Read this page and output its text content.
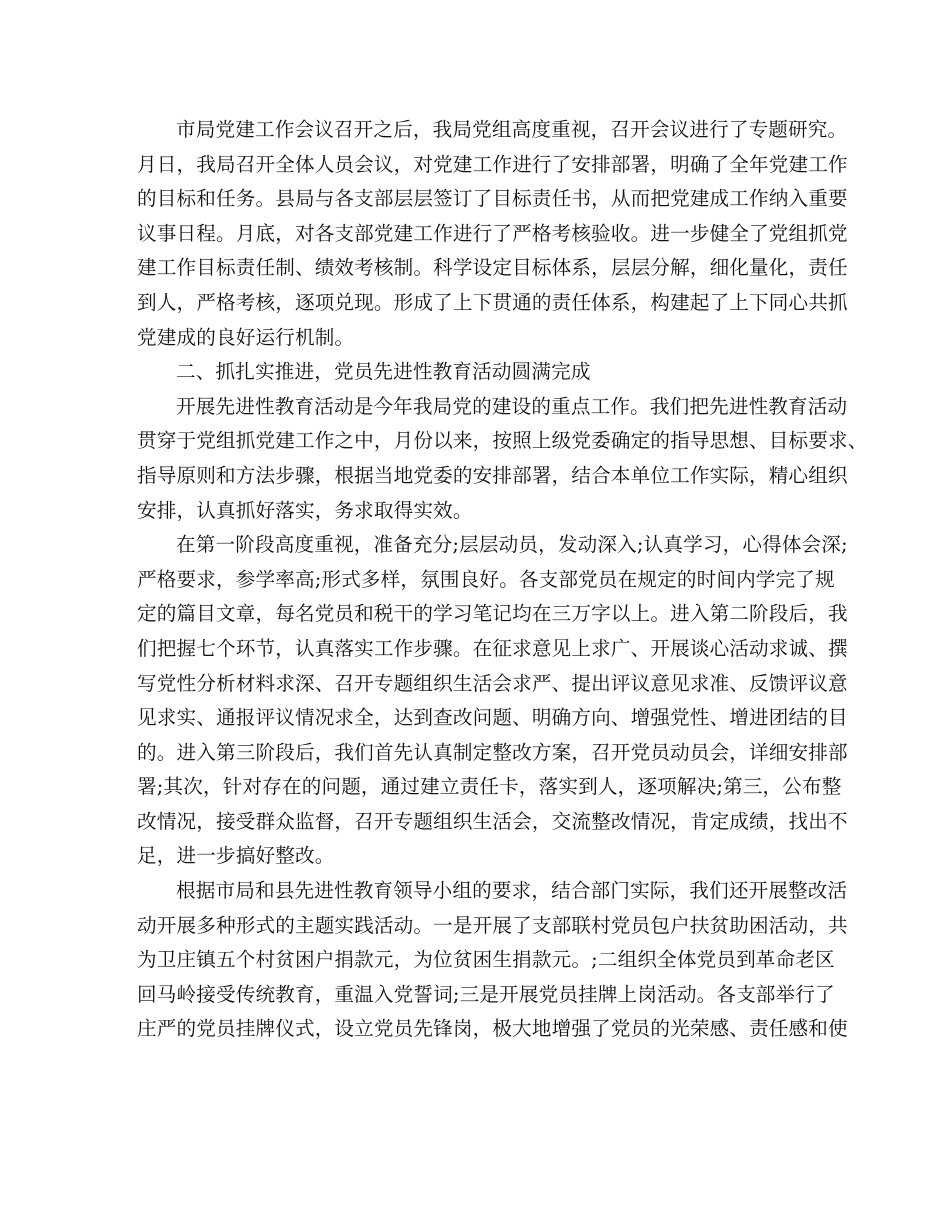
市局党建工作会议召开之后，我局党组高度重视，召开会议进行了专题研究。
月日，我局召开全体人员会议，对党建工作进行了安排部署，明确了全年党建工作
的目标和任务。县局与各支部层层签订了目标责任书，从而把党建成工作纳入重要
议事日程。月底，对各支部党建工作进行了严格考核验收。进一步健全了党组抓党
建工作目标责任制、绩效考核制。科学设定目标体系，层层分解，细化量化，责任
到人，严格考核，逐项兑现。形成了上下贯通的责任体系，构建起了上下同心共抓
党建成的良好运行机制。
二、抓扎实推进，党员先进性教育活动圆满完成
开展先进性教育活动是今年我局党的建设的重点工作。我们把先进性教育活动
贯穿于党组抓党建工作之中，月份以来，按照上级党委确定的指导思想、目标要求、
指导原则和方法步骤，根据当地党委的安排部署，结合本单位工作实际，精心组织
安排，认真抓好落实，务求取得实效。
在第一阶段高度重视，准备充分;层层动员，发动深入;认真学习，心得体会深;
严格要求，参学率高;形式多样，氛围良好。各支部党员在规定的时间内学完了规
定的篇目文章，每名党员和税干的学习笔记均在三万字以上。进入第二阶段后，我
们把握七个环节，认真落实工作步骤。在征求意见上求广、开展谈心活动求诚、撰
写党性分析材料求深、召开专题组织生活会求严、提出评议意见求准、反馈评议意
见求实、通报评议情况求全，达到查改问题、明确方向、增强党性、增进团结的目
的。进入第三阶段后，我们首先认真制定整改方案，召开党员动员会，详细安排部
署;其次，针对存在的问题，通过建立责任卡，落实到人，逐项解决;第三，公布整
改情况，接受群众监督，召开专题组织生活会，交流整改情况，肯定成绩，找出不
足，进一步搞好整改。
根据市局和县先进性教育领导小组的要求，结合部门实际，我们还开展整改活
动开展多种形式的主题实践活动。一是开展了支部联村党员包户扶贫助困活动，共
为卫庄镇五个村贫困户捐款元，为位贫困生捐款元。;二组织全体党员到革命老区
回马岭接受传统教育，重温入党誓词;三是开展党员挂牌上岗活动。各支部举行了
庄严的党员挂牌仪式，设立党员先锋岗，极大地增强了党员的光荣感、责任感和使
